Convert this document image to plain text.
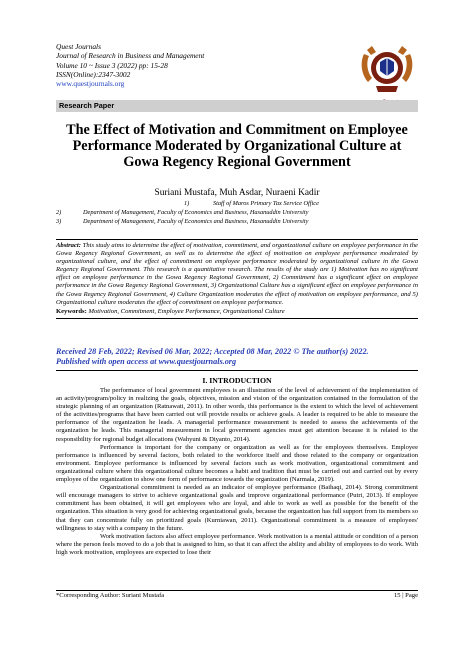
Quest Journals
Journal of Research in Business and Management
Volume 10 ~ Issue 3 (2022) pp: 15-28
ISSN(Online):2347-3002
www.questjournals.org
Research Paper
The Effect of Motivation and Commitment on Employee Performance Moderated by Organizational Culture at Gowa Regency Regional Government
Suriani Mustafa, Muh Asdar, Nuraeni Kadir
1)	Staff of Maros Primary Tax Service Office
2)	Department of Management, Faculty of Economics and Business, Hasanuddin University
3)	Department of Management, Faculty of Economics and Business, Hasanuddin University
Abstract: This study aims to determine the effect of motivation, commitment, and organizational culture on employee performance in the Gowa Regency Regional Government, as well as to determine the effect of motivation on employee performance moderated by organizational culture, and the effect of commitment on employee performance moderated by organizational culture in the Gowa Regency Regional Government. This research is a quantitative research. The results of the study are 1) Motivation has no significant effect on employee performance in the Gowa Regency Regional Government, 2) Commitment has a significant effect on employee performance in the Gowa Regency Regional Government, 3) Organizational Culture has a significant effect on employee performance in the Gowa Regency Regional Government, 4) Culture Organization moderates the effect of motivation on employee performance, and 5) Organizational culture moderates the effect of commitment on employee performance.
Keywords: Motivation, Commitment, Employee Performance, Organizational Culture
Received 28 Feb, 2022; Revised 06 Mar, 2022; Accepted 08 Mar, 2022 © The author(s) 2022.
Published with open access at www.questjournals.org
I. INTRODUCTION

The performance of local government employees is an illustration of the level of achievement of the implementation of an activity/program/policy in realizing the goals, objectives, mission and vision of the organization contained in the formulation of the strategic planning of an organization (Ratnawati, 2011). In other words, this performance is the extent to which the level of achievement of the activities/programs that have been carried out will provide results or achieve goals. A leader is required to be able to measure the performance of the organization he leads. A managerial performance measurement is needed to assess the achievements of the organization he leads. This managerial measurement in local government agencies must get attention because it is related to the responsibility for regional budget allocations (Wahyuni & Diyanto, 2014).

Performance is important for the company or organization as well as for the employees themselves. Employee performance is influenced by several factors, both related to the workforce itself and those related to the company or organization environment. Employee performance is influenced by several factors such as work motivation, organizational commitment and organizational culture where this organizational culture becomes a habit and tradition that must be carried out and carried out by every employee of the organization to show one form of performance towards the organization (Narmala, 2019).

Organizational commitment is needed as an indicator of employee performance (Baihaqi, 2014). Strong commitment will encourage managers to strive to achieve organizational goals and improve organizational performance (Putri, 2013). If employee commitment has been obtained, it will get employees who are loyal, and able to work as well as possible for the benefit of the organization. This situation is very good for achieving organizational goals, because the organization has full support from its members so that they can concentrate fully on prioritized goals (Kurniawan, 2011). Organizational commitment is a measure of employees' willingness to stay with a company in the future.

Work motivation factors also affect employee performance. Work motivation is a mental attitude or condition of a person where the person feels moved to do a job that is assigned to him, so that it can affect the ability and ability of employees to do work. With high work motivation, employees are expected to lose their

*Corresponding Author: Suriani Mustafa	15 | Page
